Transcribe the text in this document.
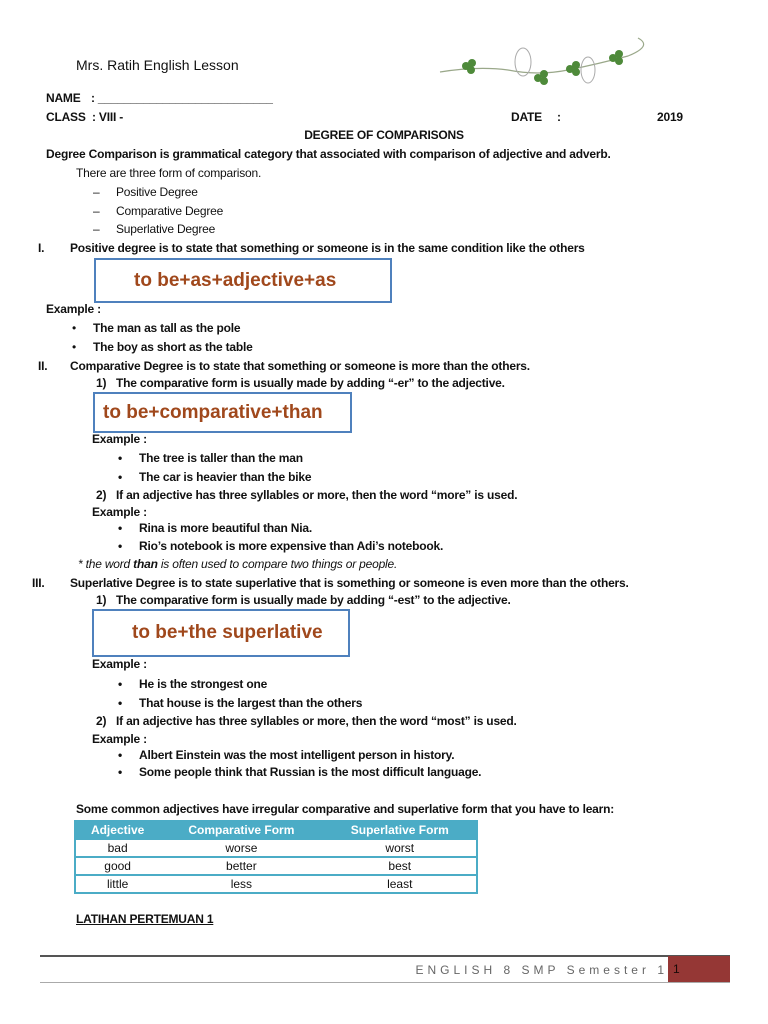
Mrs. Ratih English Lesson
NAME : ___________________________
CLASS : VIII -	DATE :	2019
DEGREE OF COMPARISONS
Degree Comparison is grammatical category that associated with comparison of adjective and adverb.
There are three form of comparison.
– Positive Degree
– Comparative Degree
– Superlative Degree
I. Positive degree is to state that something or someone is in the same condition like the others
to be+as+adjective+as
Example :
• The man as tall as the pole
• The boy as short as the table
II. Comparative Degree is to state that something or someone is more than the others.
1) The comparative form is usually made by adding “-er” to the adjective.
to be+comparative+than
Example :
• The tree is taller than the man
• The car is heavier than the bike
2) If an adjective has three syllables or more, then the word “more” is used.
Example :
• Rina is more beautiful than Nia.
• Rio’s notebook is more expensive than Adi’s notebook.
* the word than is often used to compare two things or people.
III. Superlative Degree is to state superlative that is something or someone is even more than the others.
1) The comparative form is usually made by adding “-est” to the adjective.
to be+the superlative
Example :
• He is the strongest one
• That house is the largest than the others
2) If an adjective has three syllables or more, then the word “most” is used.
Example :
• Albert Einstein was the most intelligent person in history.
• Some people think that Russian is the most difficult language.
Some common adjectives have irregular comparative and superlative form that you have to learn:
Adjective	Comparative Form	Superlative Form
bad	worse	worst
good	better	best
little	less	least
LATIHAN PERTEMUAN 1
ENGLISH 8 SMP Semester 1 1
